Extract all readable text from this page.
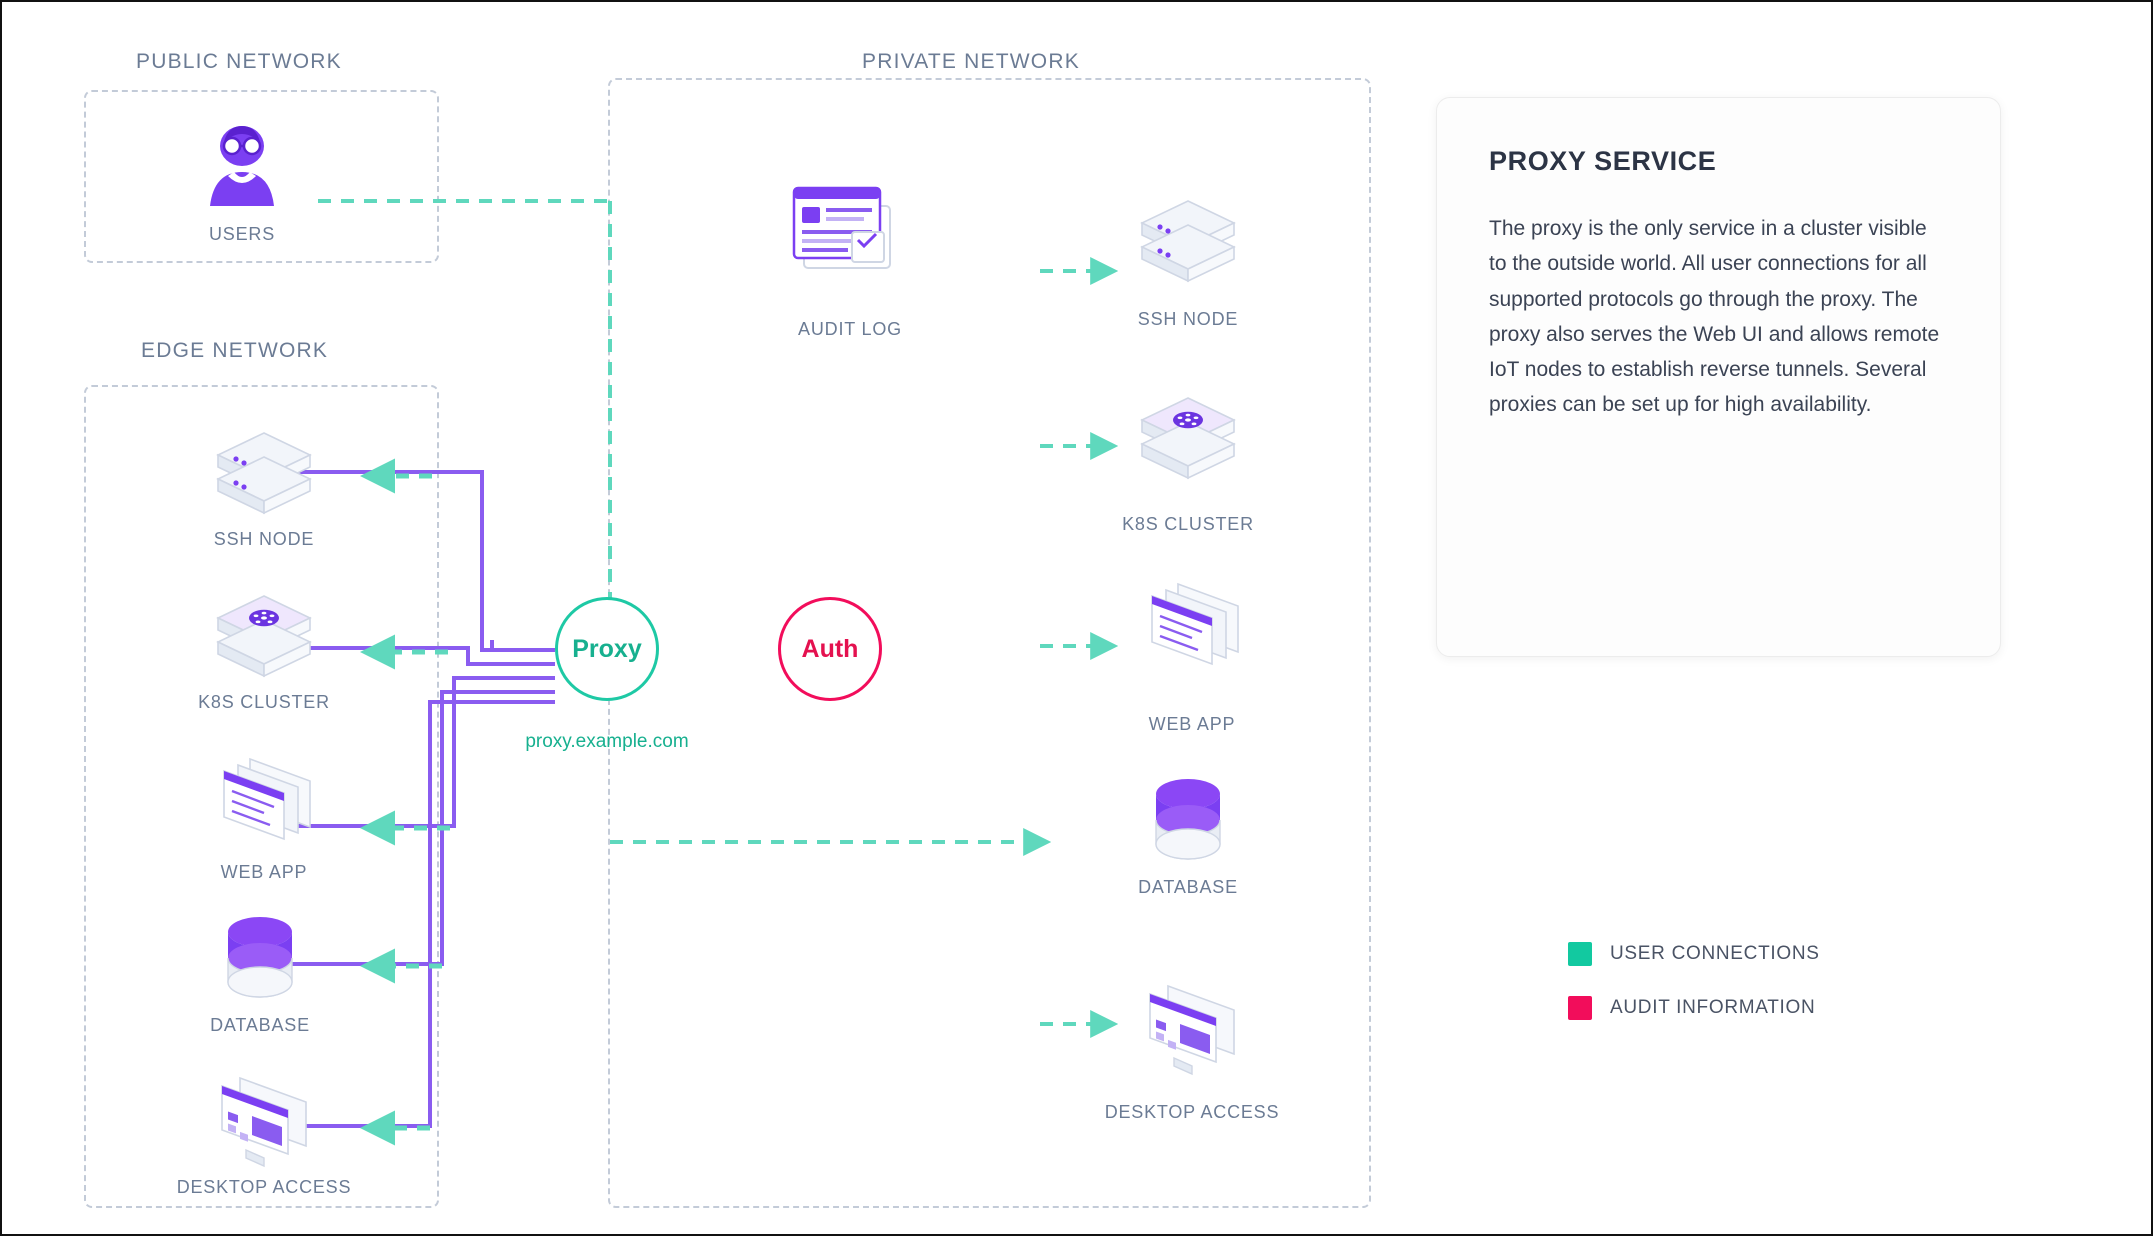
PUBLIC NETWORK
EDGE NETWORK
PRIVATE NETWORK
USERS
AUDIT LOG
Proxy
proxy.example.com
Auth
SSH NODE
K8S CLUSTER
WEB APP
DATABASE
DESKTOP ACCESS
SSH NODE
K8S CLUSTER
WEB APP
DATABASE
DESKTOP ACCESS
PROXY SERVICE

The proxy is the only service in a cluster visible to the outside world. All user connections for all supported protocols go through the proxy. The proxy also serves the Web UI and allows remote IoT nodes to establish reverse tunnels. Several proxies can be set up for high availability.

USER CONNECTIONS
AUDIT INFORMATION
